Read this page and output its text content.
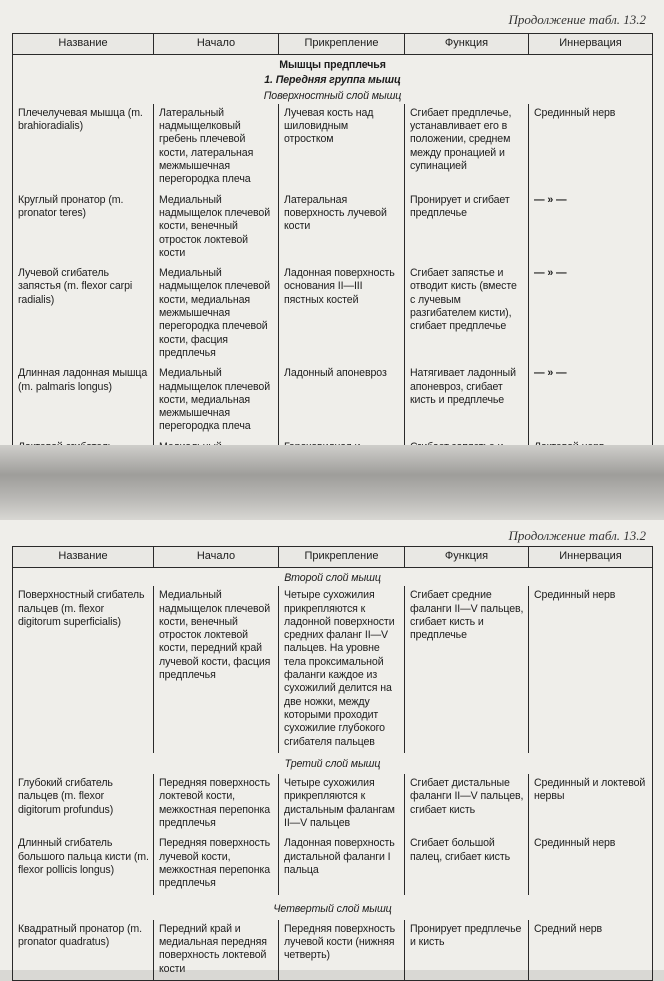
Продолжение табл. 13.2
Название	Начало	Прикрепление	Функция	Иннервация
Мышцы предплечья				
1. Передняя группа мышц				
Поверхностный слой мышц				
Плечелучевая мышца (m. brahioradialis)	Латеральный надмыщелковый гребень плечевой кости, латеральная межмышечная перегородка плеча	Лучевая кость над шиловидным отростком	Сгибает предплечье, устанавливает его в положении, среднем между пронацией и супинацией	Срединный нерв
Круглый пронатор (m. pronator teres)	Медиальный надмыщелок плечевой кости, венечный отросток локтевой кости	Латеральная поверхность лучевой кости	Пронирует и сгибает предплечье	— » —
Лучевой сгибатель запястья (m. flexor carpi radialis)	Медиальный надмыщелок плечевой кости, медиальная межмышечная перегородка плечевой кости, фасция предплечья	Ладонная поверхность основания II—III пястных костей	Сгибает запястье и отводит кисть (вместе с лучевым разгибателем кисти), сгибает предплечье	— » —
Длинная ладонная мышца (m. palmaris longus)	Медиальный надмыщелок плечевой кости, медиальная межмышечная перегородка плеча	Ладонный апоневроз	Натягивает ладонный апоневроз, сгибает кисть и предплечье	— » —

Продолжение табл. 13.2
Название	Начало	Прикрепление	Функция	Иннервация
Второй слой мышц				
Поверхностный сгибатель пальцев (m. flexor digitorum superficialis)	Медиальный надмыщелок плечевой кости, венечный отросток локтевой кости, передний край лучевой кости, фасция предплечья	Четыре сухожилия прикрепляются к ладонной поверхности средних фаланг II—V пальцев. На уровне тела проксимальной фаланги каждое из сухожилий делится на две ножки, между которыми проходит сухожилие глубокого сгибателя пальцев	Сгибает средние фаланги II—V пальцев, сгибает кисть и предплечье	Срединный нерв
Третий слой мышц				
Глубокий сгибатель пальцев (m. flexor digitorum profundus)	Передняя поверхность локтевой кости, межкостная перепонка предплечья	Четыре сухожилия прикрепляются к дистальным фалангам II—V пальцев	Сгибает дистальные фаланги II—V пальцев, сгибает кисть	Срединный и локтевой нервы
Длинный сгибатель большого пальца кисти (m. flexor pollicis longus)	Передняя поверхность лучевой кости, межкостная перепонка предплечья	Ладонная поверхность дистальной фаланги I пальца	Сгибает большой палец, сгибает кисть	Срединный нерв
Четвертый слой мышц				
Квадратный пронатор (m. pronator quadratus)	Передний край и медиальная передняя поверхность локтевой кости	Передняя поверхность лучевой кости (нижняя четверть)	Пронирует предплечье и кисть	Средний нерв
